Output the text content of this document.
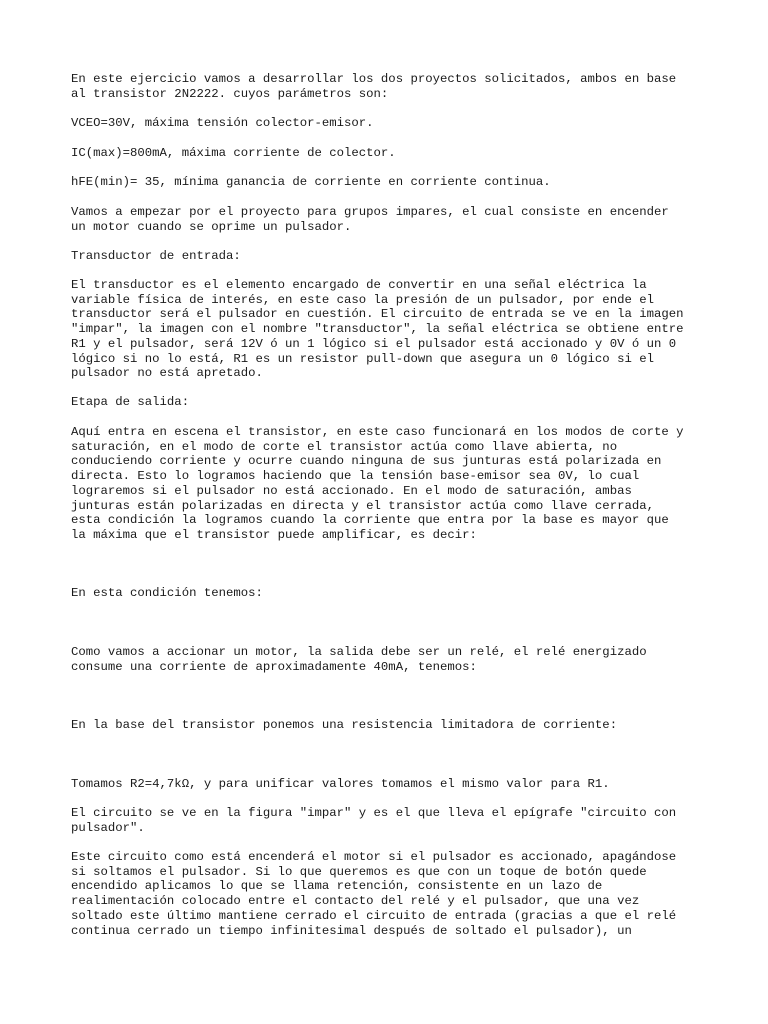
En este ejercicio vamos a desarrollar los dos proyectos solicitados, ambos en base
al transistor 2N2222. cuyos parámetros son:

VCEO=30V, máxima tensión colector-emisor.

IC(max)=800mA, máxima corriente de colector.

hFE(min)= 35, mínima ganancia de corriente en corriente continua.

Vamos a empezar por el proyecto para grupos impares, el cual consiste en encender
un motor cuando se oprime un pulsador.

Transductor de entrada:

El transductor es el elemento encargado de convertir en una señal eléctrica la
variable física de interés, en este caso la presión de un pulsador, por ende el
transductor será el pulsador en cuestión. El circuito de entrada se ve en la imagen
"impar", la imagen con el nombre "transductor", la señal eléctrica se obtiene entre
R1 y el pulsador, será 12V ó un 1 lógico si el pulsador está accionado y 0V ó un 0
lógico si no lo está, R1 es un resistor pull-down que asegura un 0 lógico si el
pulsador no está apretado.

Etapa de salida:

Aquí entra en escena el transistor, en este caso funcionará en los modos de corte y
saturación, en el modo de corte el transistor actúa como llave abierta, no
conduciendo corriente y ocurre cuando ninguna de sus junturas está polarizada en
directa. Esto lo logramos haciendo que la tensión base-emisor sea 0V, lo cual
lograremos si el pulsador no está accionado. En el modo de saturación, ambas
junturas están polarizadas en directa y el transistor actúa como llave cerrada,
esta condición la logramos cuando la corriente que entra por la base es mayor que
la máxima que el transistor puede amplificar, es decir:

En esta condición tenemos:

Como vamos a accionar un motor, la salida debe ser un relé, el relé energizado
consume una corriente de aproximadamente 40mA, tenemos:

En la base del transistor ponemos una resistencia limitadora de corriente:

Tomamos R2=4,7kΩ, y para unificar valores tomamos el mismo valor para R1.

El circuito se ve en la figura "impar" y es el que lleva el epígrafe "circuito con
pulsador".

Este circuito como está encenderá el motor si el pulsador es accionado, apagándose
si soltamos el pulsador. Si lo que queremos es que con un toque de botón quede
encendido aplicamos lo que se llama retención, consistente en un lazo de
realimentación colocado entre el contacto del relé y el pulsador, que una vez
soltado este último mantiene cerrado el circuito de entrada (gracias a que el relé
continua cerrado un tiempo infinitesimal después de soltado el pulsador), un
